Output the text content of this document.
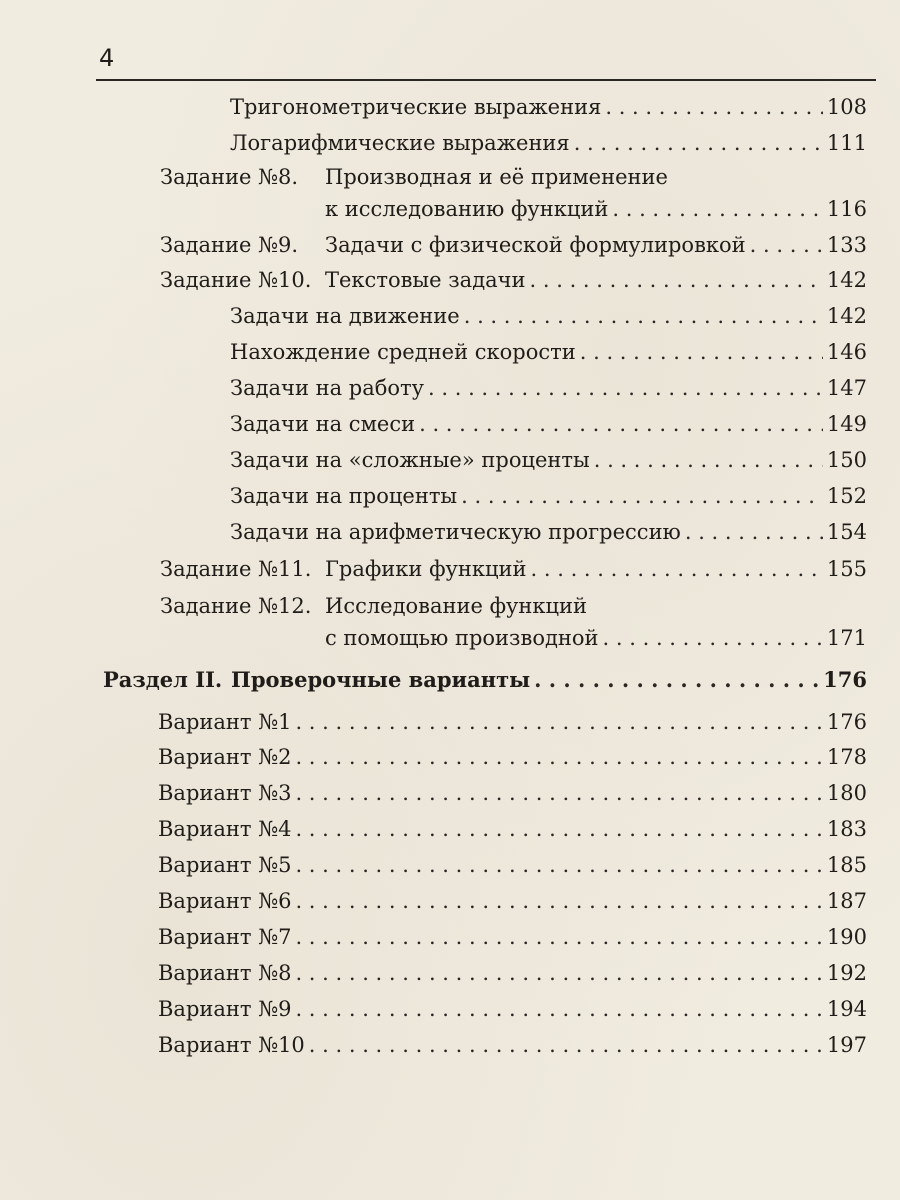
4
Тригонометрические выражения . . .	108
Логарифмические выражения . . .	111
Задание №8. Производная и её применение
к исследованию функций . . .	116
Задание №9.	Задачи с физической формулировкой . . .	133
Задание №10. Текстовые задачи . . .	142
Задачи на движение . . .	142
Нахождение средней скорости . . .	146
Задачи на работу . . .	147
Задачи на смеси . . .	149
Задачи на «сложные» проценты . . .	150
Задачи на проценты . . .	152
Задачи на арифметическую прогрессию . . .	154
Задание №11. Графики функций . . .	155
Задание №12. Исследование функций
с помощью производной . . .	171
Раздел II. Проверочные варианты . . .	176
Вариант №1 . . .	176
Вариант №2 . . .	178
Вариант №3 . . .	180
Вариант №4 . . .	183
Вариант №5 . . .	185
Вариант №6 . . .	187
Вариант №7 . . .	190
Вариант №8 . . .	192
Вариант №9 . . .	194
Вариант №10 . . .	197
